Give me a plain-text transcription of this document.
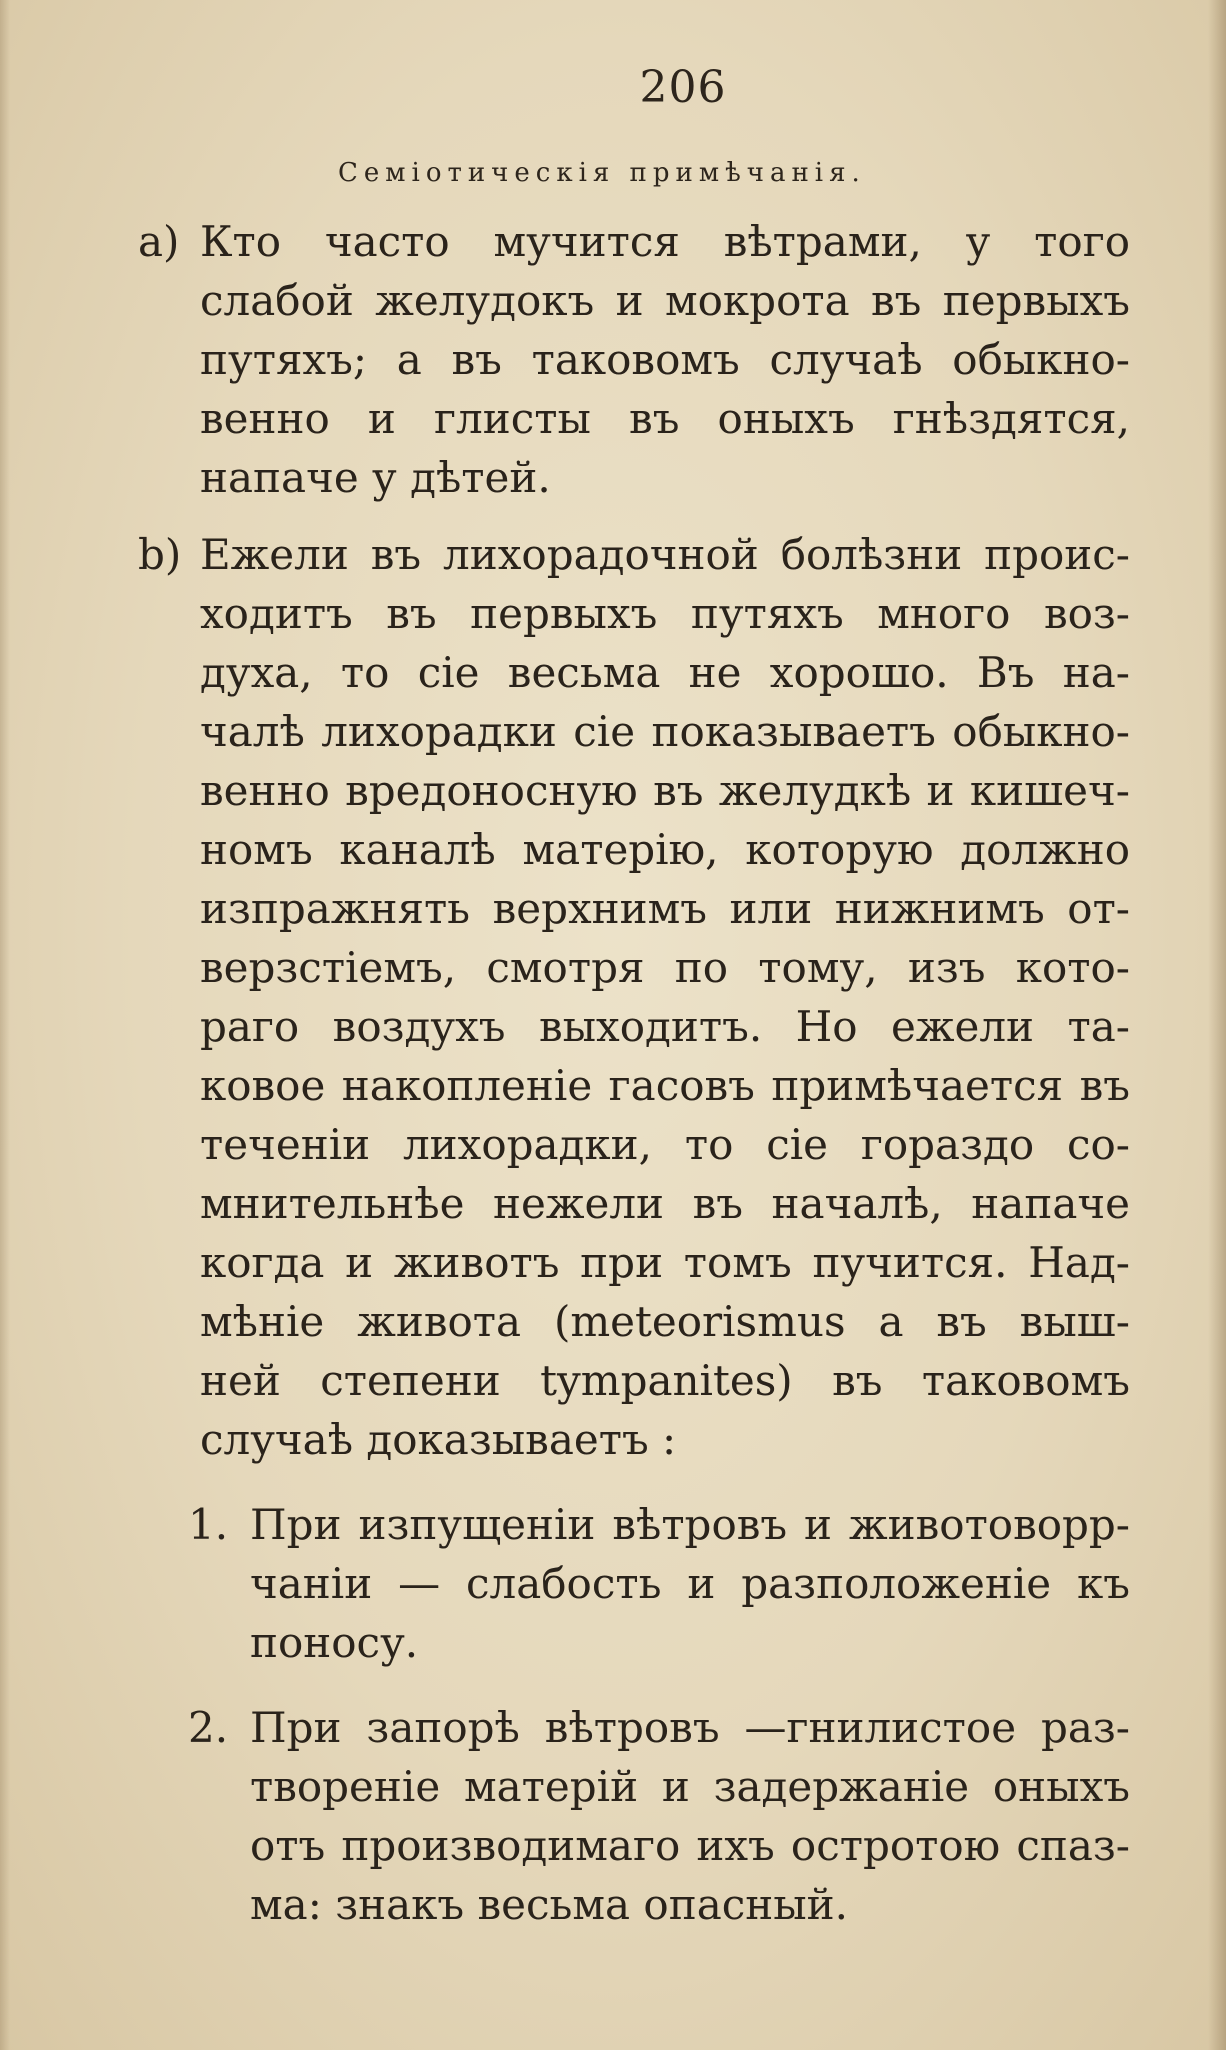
206
Семіотическія примѣчанія.
a) Кто часто мучится вѣтрами, у того
слабой желудокъ и мокрота въ первыхъ
путяхъ; а въ таковомъ случаѣ обыкно-
венно и глисты въ оныхъ гнѣздятся,
напаче у дѣтей.
b) Ежели въ лихорадочной болѣзни проис-
ходитъ въ первыхъ путяхъ много воз-
духа, то сіе весьма не хорошо. Въ на-
чалѣ лихорадки сіе показываетъ обыкно-
венно вредоносную въ желудкѣ и кишеч-
номъ каналѣ матерію, которую должно
изпражнять верхнимъ или нижнимъ от-
верзстіемъ, смотря по тому, изъ кото-
раго воздухъ выходитъ. Но ежели та-
ковое накопленіе гасовъ примѣчается въ
теченіи лихорадки, то сіе гораздо со-
мнительнѣе нежели въ началѣ, напаче
когда и животъ при томъ пучится. Над-
мѣніе живота (meteorismus а въ выш-
ней степени tympanites) въ таковомъ
случаѣ доказываетъ :
1. При изпущеніи вѣтровъ и животоворр-
чаніи — слабость и разположеніе къ
поносу.
2. При запорѣ вѣтровъ —гнилистое раз-
твореніе матерій и задержаніе оныхъ
отъ производимаго ихъ острoтою спаз-
ма: знакъ весьма опасный.
